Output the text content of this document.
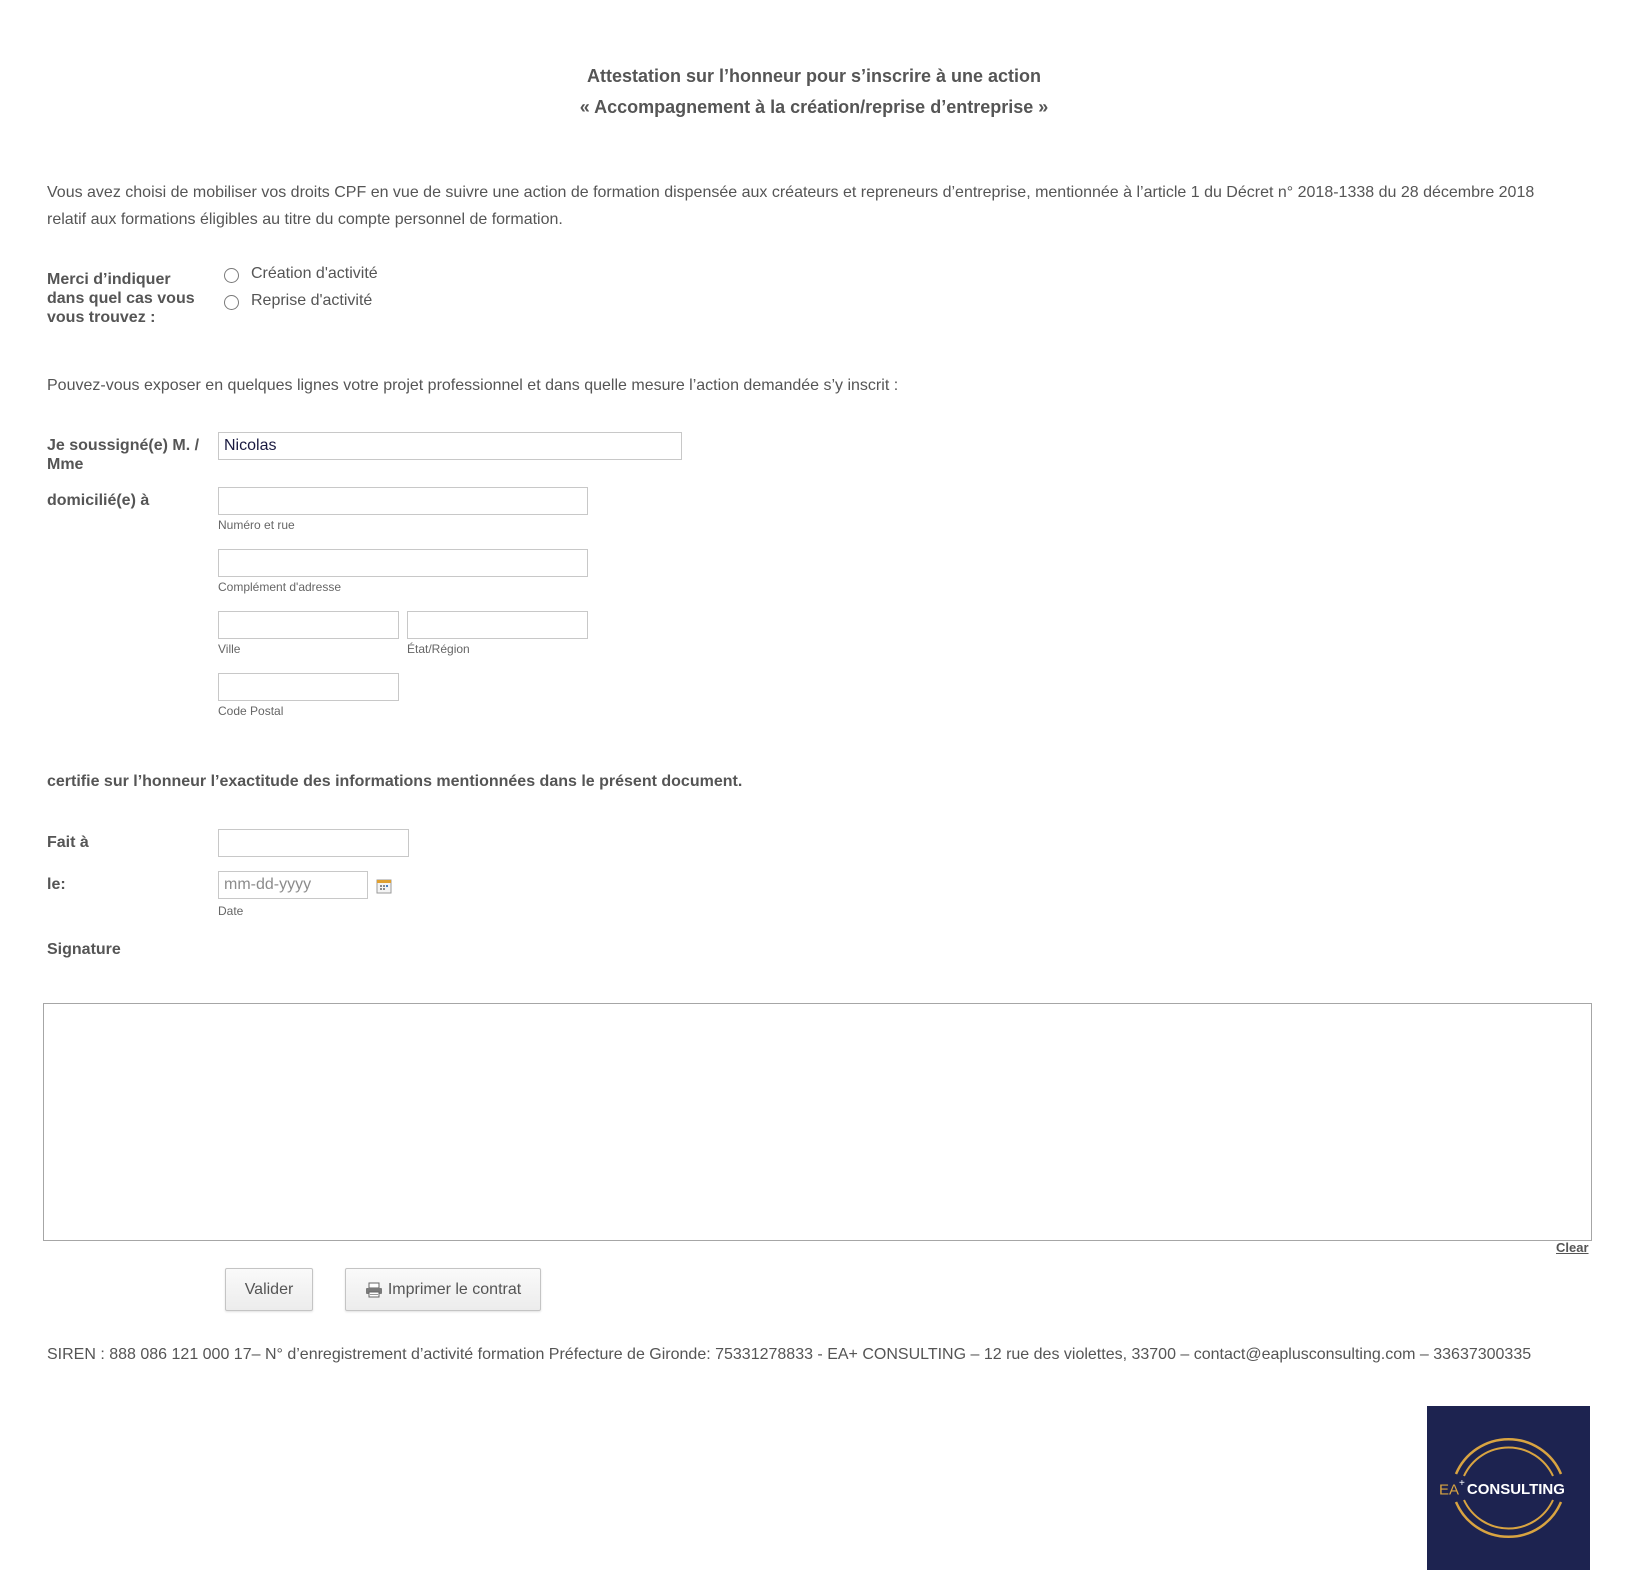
Attestation sur l’honneur pour s’inscrire à une action
« Accompagnement à la création/reprise d’entreprise »
Vous avez choisi de mobiliser vos droits CPF en vue de suivre une action de formation dispensée aux créateurs et repreneurs d’entreprise, mentionnée à l’article 1 du Décret n° 2018-1338 du 28 décembre 2018
relatif aux formations éligibles au titre du compte personnel de formation.
Merci d’indiquer
dans quel cas vous
vous trouvez :
Création d'activité
Reprise d'activité
Pouvez-vous exposer en quelques lignes votre projet professionnel et dans quelle mesure l’action demandée s’y inscrit :
Je soussigné(e) M. /
Mme
Nicolas
domicilié(e) à
Numéro et rue
Complément d'adresse
Ville	État/Région
Code Postal
certifie sur l’honneur l’exactitude des informations mentionnées dans le présent document.
Fait à
le:
mm-dd-yyyy
Date
Signature
Clear
Valider	Imprimer le contrat
SIREN : 888 086 121 000 17– N° d’enregistrement d’activité formation Préfecture de Gironde: 75331278833 - EA+ CONSULTING – 12 rue des violettes, 33700 – contact@eaplusconsulting.com – 33637300335
EA+ CONSULTING
